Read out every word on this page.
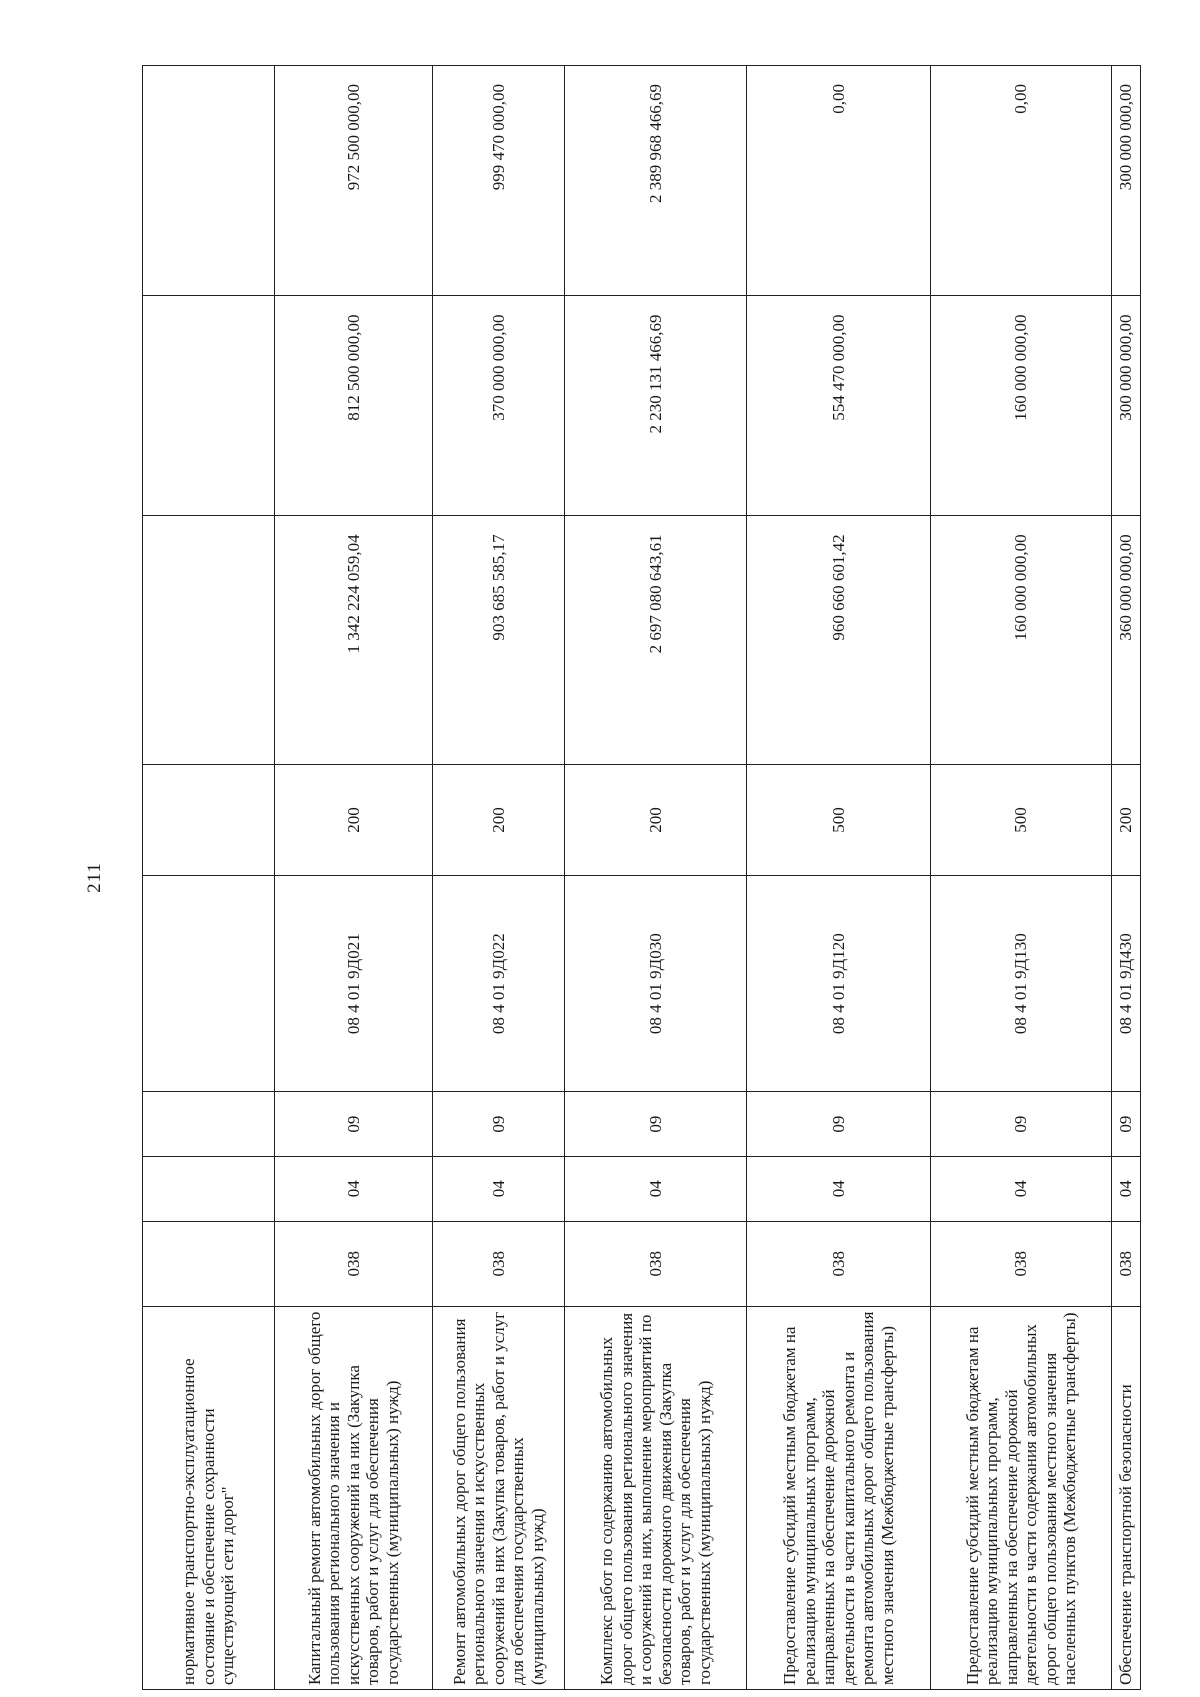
211
нормативное транспортно-эксплуатационное состояние и обеспечение сохранности существующей сети дорог"								
Капитальный ремонт автомобильных дорог общего пользования регионального значения и искусственных сооружений на них (Закупка товаров, работ и услуг для обеспечения государственных (муниципальных) нужд)	038	04	09	08 4 01 9Д021	200	1 342 224 059,04	812 500 000,00	972 500 000,00
Ремонт автомобильных дорог общего пользования регионального значения и искусственных сооружений на них (Закупка товаров, работ и услуг для обеспечения государственных (муниципальных) нужд)	038	04	09	08 4 01 9Д022	200	903 685 585,17	370 000 000,00	999 470 000,00
Комплекс работ по содержанию автомобильных дорог общего пользования регионального значения и сооружений на них, выполнение мероприятий по безопасности дорожного движения (Закупка товаров, работ и услуг для обеспечения государственных (муниципальных) нужд)	038	04	09	08 4 01 9Д030	200	2 697 080 643,61	2 230 131 466,69	2 389 968 466,69
Предоставление субсидий местным бюджетам на реализацию муниципальных программ, направленных на обеспечение дорожной деятельности в части капитального ремонта и ремонта автомобильных дорог общего пользования местного значения (Межбюджетные трансферты)	038	04	09	08 4 01 9Д120	500	960 660 601,42	554 470 000,00	0,00
Предоставление субсидий местным бюджетам на реализацию муниципальных программ, направленных на обеспечение дорожной деятельности в части содержания автомобильных дорог общего пользования местного значения населенных пунктов (Межбюджетные трансферты)	038	04	09	08 4 01 9Д130	500	160 000 000,00	160 000 000,00	0,00
Обеспечение транспортной безопасности	038	04	09	08 4 01 9Д430	200	360 000 000,00	300 000 000,00	300 000 000,00
